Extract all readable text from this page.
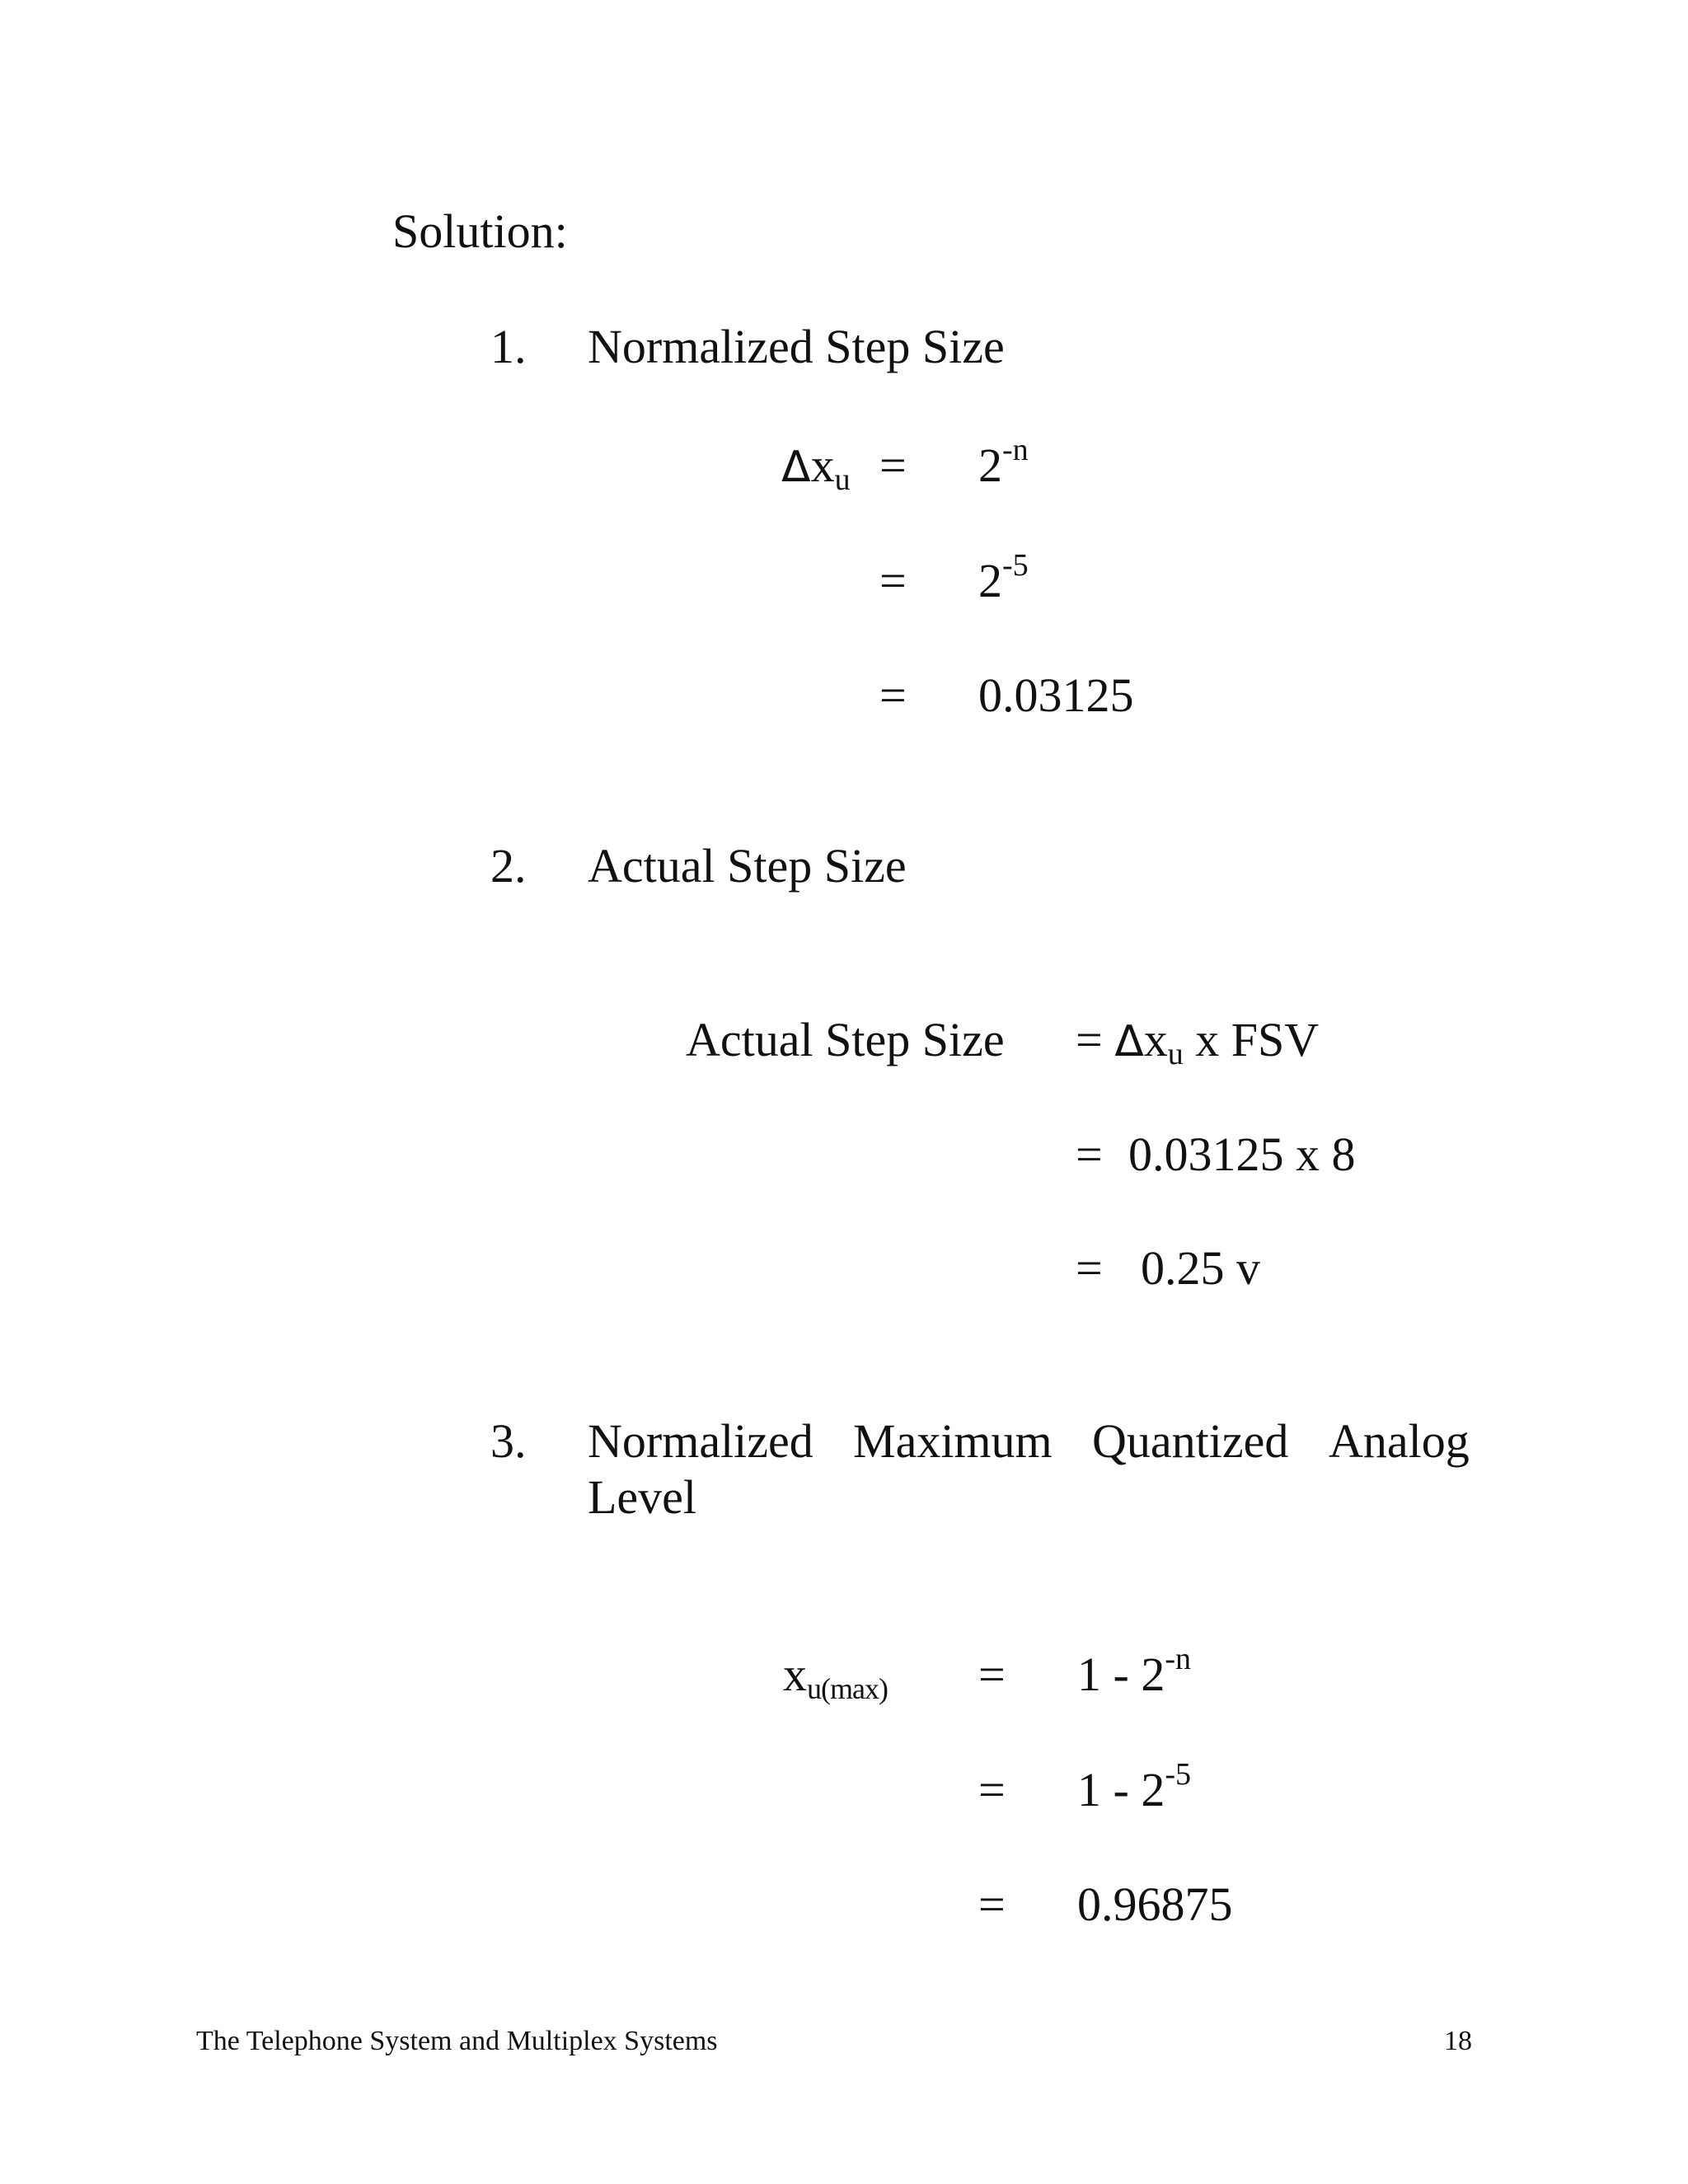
Solution:
1. Normalized Step Size
$\Delta x_u = 2^{-n}$
= $2^{-5}$
= 0.03125
2. Actual Step Size
Actual Step Size = $\Delta x_u$ x FSV
= 0.03125 x 8
= 0.25 v
3. Normalized Maximum Quantized Analog
Level
$x_{u(max)} = 1 - 2^{-n}$
= $1 - 2^{-5}$
= 0.96875
The Telephone System and Multiplex Systems	18
